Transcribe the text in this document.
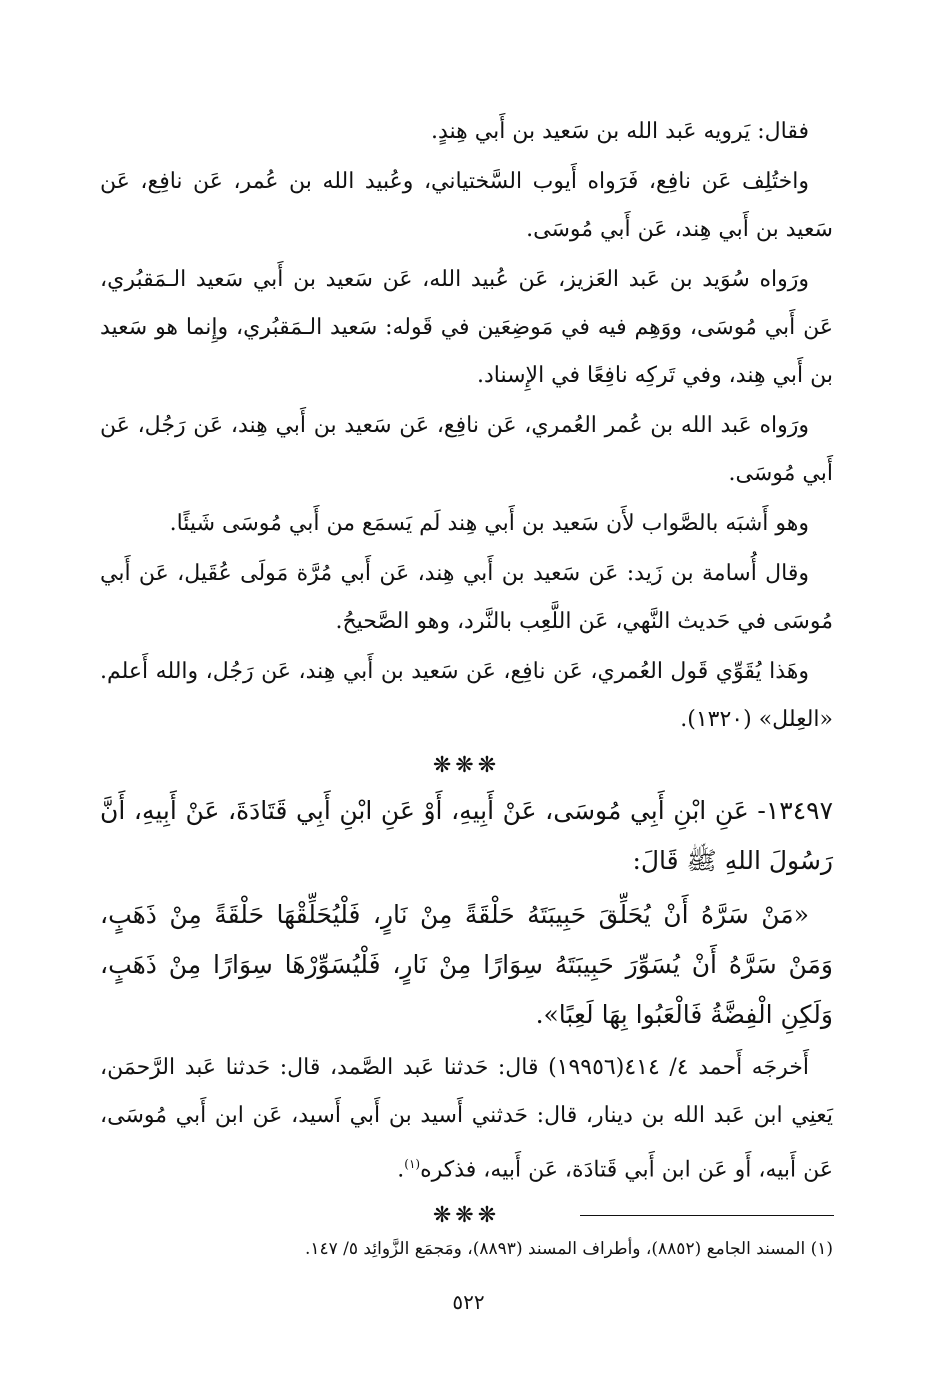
فقال: يَرويه عَبد الله بن سَعيد بن أَبي هِندٍ.

واختُلِف عَن نافِع، فَرَواه أَيوب السَّختياني، وعُبيد الله بن عُمر، عَن نافِع، عَن سَعيد بن أَبي هِند، عَن أَبي مُوسَى.

ورَواه سُوَيد بن عَبد العَزيز، عَن عُبيد الله، عَن سَعيد بن أَبي سَعيد الـمَقبُري، عَن أَبي مُوسَى، ووَهِم فيه في مَوضِعَين في قَوله: سَعيد الـمَقبُري، وإِنما هو سَعيد بن أَبي هِند، وفي تَركِه نافِعًا في الإِسناد.

ورَواه عَبد الله بن عُمر العُمري، عَن نافِع، عَن سَعيد بن أَبي هِند، عَن رَجُل، عَن أَبي مُوسَى.

وهو أَشبَه بالصَّواب لأَن سَعيد بن أَبي هِند لَم يَسمَع من أَبي مُوسَى شَيئًا.

وقال أُسامة بن زَيد: عَن سَعيد بن أَبي هِند، عَن أَبي مُرَّة مَولَى عُقَيل، عَن أَبي مُوسَى في حَديث النَّهي، عَن اللَّعِب بالنَّرد، وهو الصَّحيحُ.

وهَذا يُقَوِّي قَول العُمري، عَن نافِع، عَن سَعيد بن أَبي هِند، عَن رَجُل، والله أَعلم. «العِلل» (١٣٢٠).

❋❋❋

١٣٤٩٧- عَنِ ابْنِ أَبِي مُوسَى، عَنْ أَبِيهِ، أَوْ عَنِ ابْنِ أَبِي قَتَادَةَ، عَنْ أَبِيهِ، أَنَّ رَسُولَ اللهِ ﷺ قَالَ:

«مَنْ سَرَّهُ أَنْ يُحَلِّقَ حَبِيبَتَهُ حَلْقَةً مِنْ نَارٍ، فَلْيُحَلِّقْهَا حَلْقَةً مِنْ ذَهَبٍ، وَمَنْ سَرَّهُ أَنْ يُسَوِّرَ حَبِيبَتَهُ سِوَارًا مِنْ نَارٍ، فَلْيُسَوِّرْهَا سِوَارًا مِنْ ذَهَبٍ، وَلَكِنِ الْفِضَّةُ فَالْعَبُوا بِهَا لَعِبًا».

أَخرجَه أَحمد ٤/ ٤١٤(١٩٩٥٦) قال: حَدثنا عَبد الصَّمد، قال: حَدثنا عَبد الرَّحمَن، يَعنِي ابن عَبد الله بن دينار، قال: حَدثني أَسيد بن أَبي أَسيد، عَن ابن أَبي مُوسَى، عَن أَبيه، أَو عَن ابن أَبي قَتادَة، عَن أَبيه، فذكره$^{(١)}$.

❋❋❋

(١) المسند الجامع (٨٨٥٢)، وأطراف المسند (٨٨٩٣)، ومَجمَع الزَّوائِد ٥/ ١٤٧.
٥٢٢
